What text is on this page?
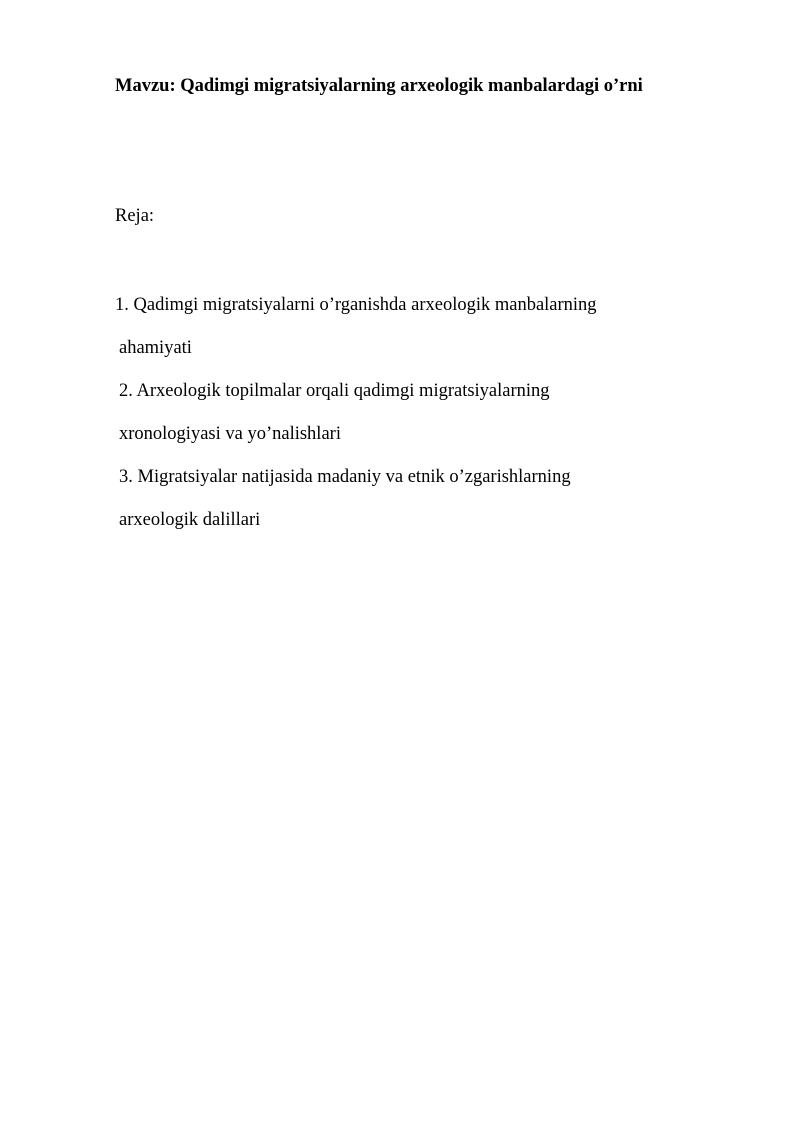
Mavzu: Qadimgi migratsiyalarning arxeologik manbalardagi o’rni

Reja:

1. Qadimgi migratsiyalarni o’rganishda arxeologik manbalarning
ahamiyati
2. Arxeologik topilmalar orqali qadimgi migratsiyalarning
xronologiyasi va yo’nalishlari
3. Migratsiyalar natijasida madaniy va etnik o’zgarishlarning
arxeologik dalillari
